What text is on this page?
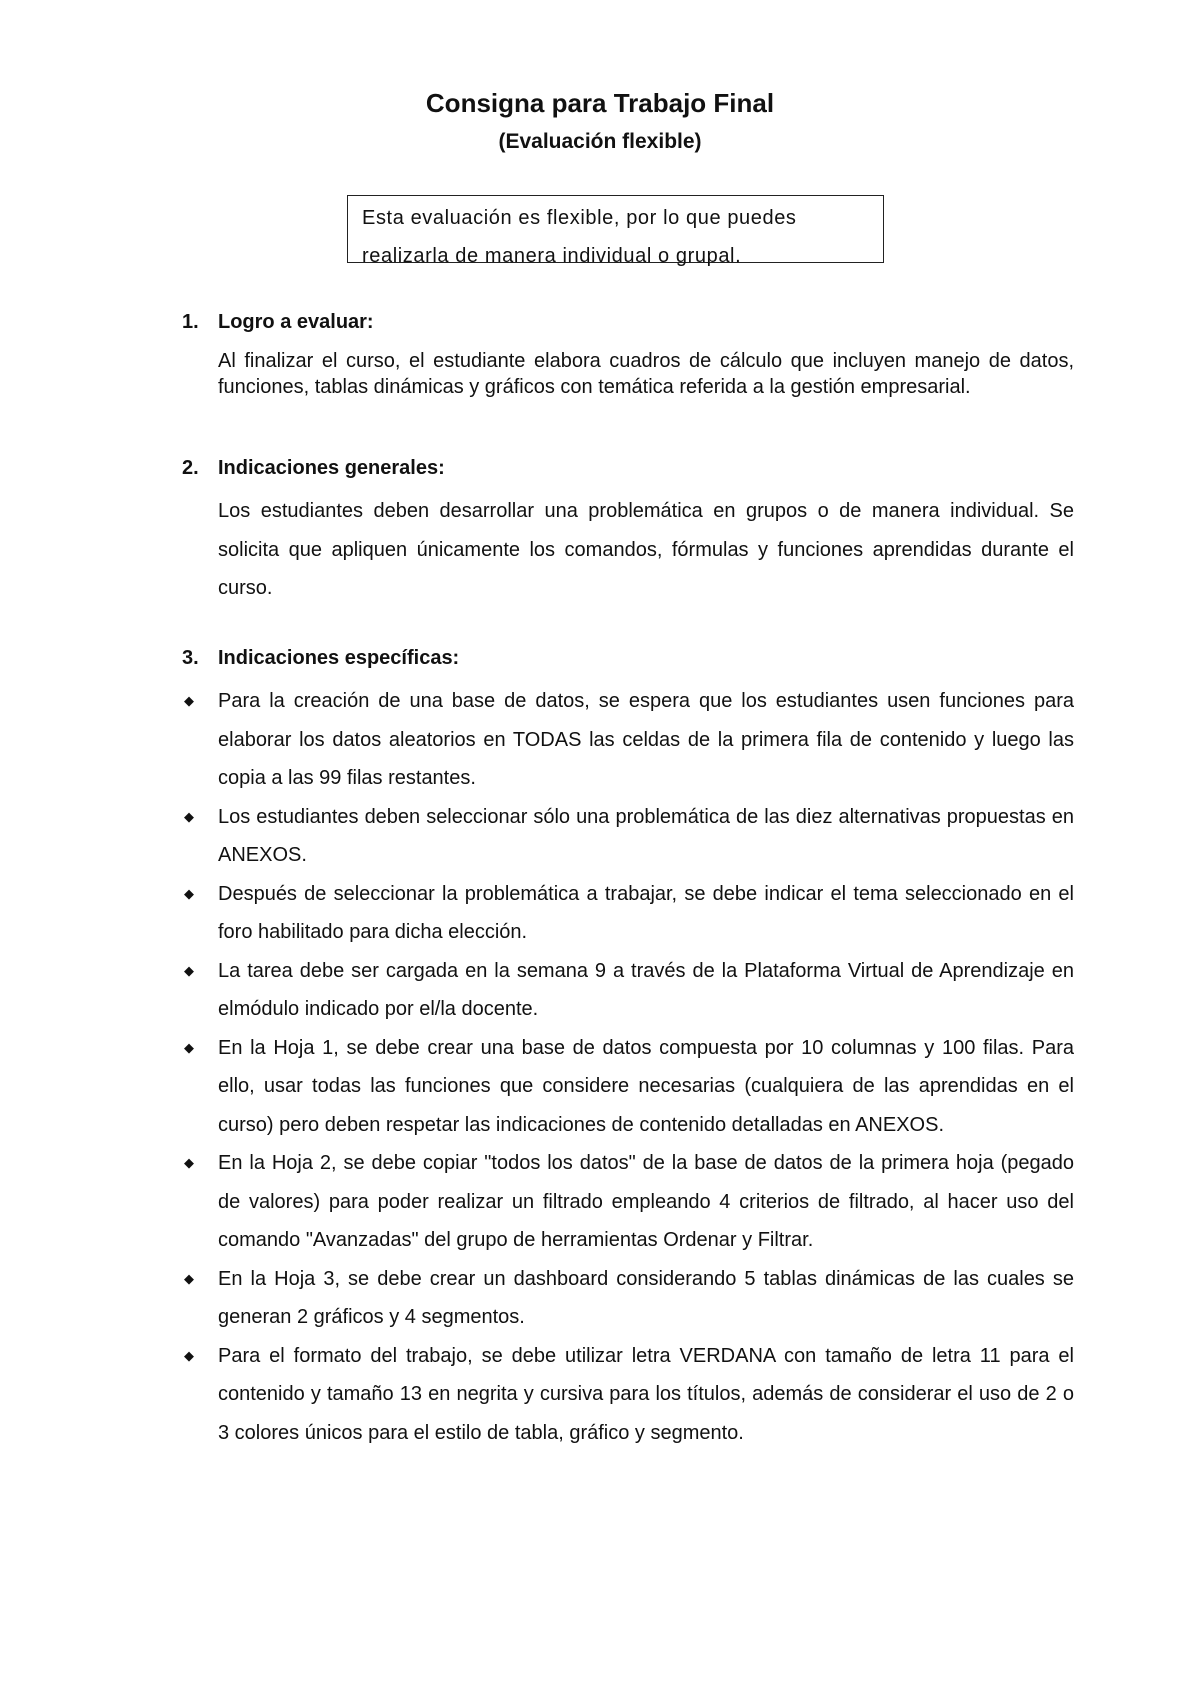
Consigna para Trabajo Final
(Evaluación flexible)
Esta evaluación es flexible, por lo que puedes realizarla de manera individual o grupal.
1. Logro a evaluar:
Al finalizar el curso, el estudiante elabora cuadros de cálculo que incluyen manejo de datos, funciones, tablas dinámicas y gráficos con temática referida a la gestión empresarial.
2. Indicaciones generales:
Los estudiantes deben desarrollar una problemática en grupos o de manera individual. Se solicita que apliquen únicamente los comandos, fórmulas y funciones aprendidas durante el curso.
3. Indicaciones específicas:
◆	Para la creación de una base de datos, se espera que los estudiantes usen funciones para elaborar los datos aleatorios en TODAS las celdas de la primera fila de contenido y luego las copia a las 99 filas restantes.
◆	Los estudiantes deben seleccionar sólo una problemática de las diez alternativas propuestas en ANEXOS.
◆	Después de seleccionar la problemática a trabajar, se debe indicar el tema seleccionado en el foro habilitado para dicha elección.
◆	La tarea debe ser cargada en la semana 9 a través de la Plataforma Virtual de Aprendizaje en elmódulo indicado por el/la docente.
◆	En la Hoja 1, se debe crear una base de datos compuesta por 10 columnas y 100 filas. Para ello, usar todas las funciones que considere necesarias (cualquiera de las aprendidas en el curso) pero deben respetar las indicaciones de contenido detalladas en ANEXOS.
◆	En la Hoja 2, se debe copiar "todos los datos" de la base de datos de la primera hoja (pegado de valores) para poder realizar un filtrado empleando 4 criterios de filtrado, al hacer uso del comando "Avanzadas" del grupo de herramientas Ordenar y Filtrar.
◆	En la Hoja 3, se debe crear un dashboard considerando 5 tablas dinámicas de las cuales se generan 2 gráficos y 4 segmentos.
◆	Para el formato del trabajo, se debe utilizar letra VERDANA con tamaño de letra 11 para el contenido y tamaño 13 en negrita y cursiva para los títulos, además de considerar el uso de 2 o 3 colores únicos para el estilo de tabla, gráfico y segmento.
